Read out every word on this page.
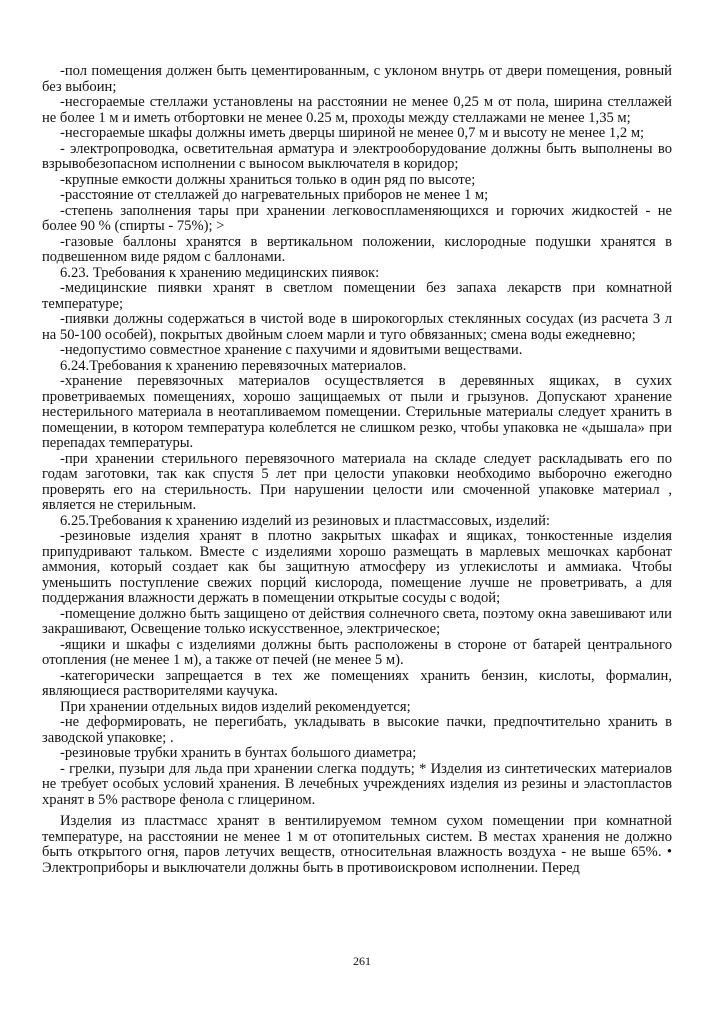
-пол помещения должен быть цементированным, с уклоном внутрь от двери помещения, ровный без выбоин;

-несгораемые стеллажи установлены на расстоянии не менее 0,25 м от пола, ширина стеллажей не более 1 м и иметь отбортовки не менее 0.25 м, проходы между стеллажами не менее 1,35 м;

-несгораемые шкафы должны иметь дверцы шириной не менее 0,7 м и высоту не менее 1,2 м;

- электропроводка, осветительная арматура и электрооборудование должны быть выполнены во взрывобезопасном исполнении с выносом выключателя в коридор;

-крупные емкости должны храниться только в один ряд по высоте;

-расстояние от стеллажей до нагревательных приборов не менее 1 м;

-степень заполнения тары при хранении легковоспламеняющихся и горючих жидкостей - не более 90 % (спирты - 75%); >

-газовые баллоны хранятся в вертикальном положении, кислородные подушки хранятся в подвешенном виде рядом с баллонами.

6.23. Требования к хранению медицинских пиявок:

-медицинские пиявки хранят в светлом помещении без запаха лекарств при комнатной температуре;

-пиявки должны содержаться в чистой воде в широкогорлых стеклянных сосудах (из расчета 3 л на 50-100 особей), покрытых двойным слоем марли и туго обвязанных; смена воды ежедневно;

-недопустимо совместное хранение с пахучими и ядовитыми веществами.

6.24.Требования к хранению перевязочных материалов.

-хранение перевязочных материалов осуществляется в деревянных ящиках, в сухих проветриваемых помещениях, хорошо защищаемых от пыли и грызунов. Допускают хранение нестерильного материала в неотапливаемом помещении. Стерильные материалы следует хранить в помещении, в котором температура колеблется не слишком резко, чтобы упаковка не «дышала» при перепадах температуры.

-при хранении стерильного перевязочного материала на складе следует раскладывать его по годам заготовки, так как спустя 5 лет при целости упаковки необходимо выборочно ежегодно проверять его на стерильность. При нарушении целости или смоченной упаковке материал , является не стерильным.

6.25.Требования к хранению изделий из резиновых и пластмассовых, изделий:

-резиновые изделия хранят в плотно закрытых шкафах и ящиках, тонкостенные изделия припудривают тальком. Вместе с изделиями хорошо размещать в марлевых мешочках карбонат аммония, который создает как бы защитную атмосферу из углекислоты и аммиака. Чтобы уменьшить поступление свежих порций кислорода, помещение лучше не проветривать, а для поддержания влажности держать в помещении открытые сосуды с водой;

-помещение должно быть защищено от действия солнечного света, поэтому окна завешивают или закрашивают, Освещение только искусственное, электрическое;

-ящики и шкафы с изделиями должны быть расположены в стороне от батарей центрального отопления (не менее 1 м), а также от печей (не менее 5 м).

-категорически запрещается в тех же помещениях хранить бензин, кислоты, формалин, являющиеся растворителями каучука.

При хранении отдельных видов изделий рекомендуется;

-не деформировать, не перегибать, укладывать в высокие пачки, предпочтительно хранить в заводской упаковке; .

-резиновые трубки хранить в бунтах большого диаметра;

- грелки, пузыри для льда при хранении слегка поддуть; * Изделия из синтетических материалов не требует особых условий хранения. В лечебных учреждениях изделия из резины и эластопластов хранят в 5% растворе фенола с глицерином.

Изделия из пластмасс хранят в вентилируемом темном сухом помещении при комнатной температуре, на расстоянии не менее 1 м от отопительных систем. В местах хранения не должно быть открытого огня, паров летучих веществ, относительная влажность воздуха - не выше 65%. • Электроприборы и выключатели должны быть в противоискровом исполнении. Перед

261
